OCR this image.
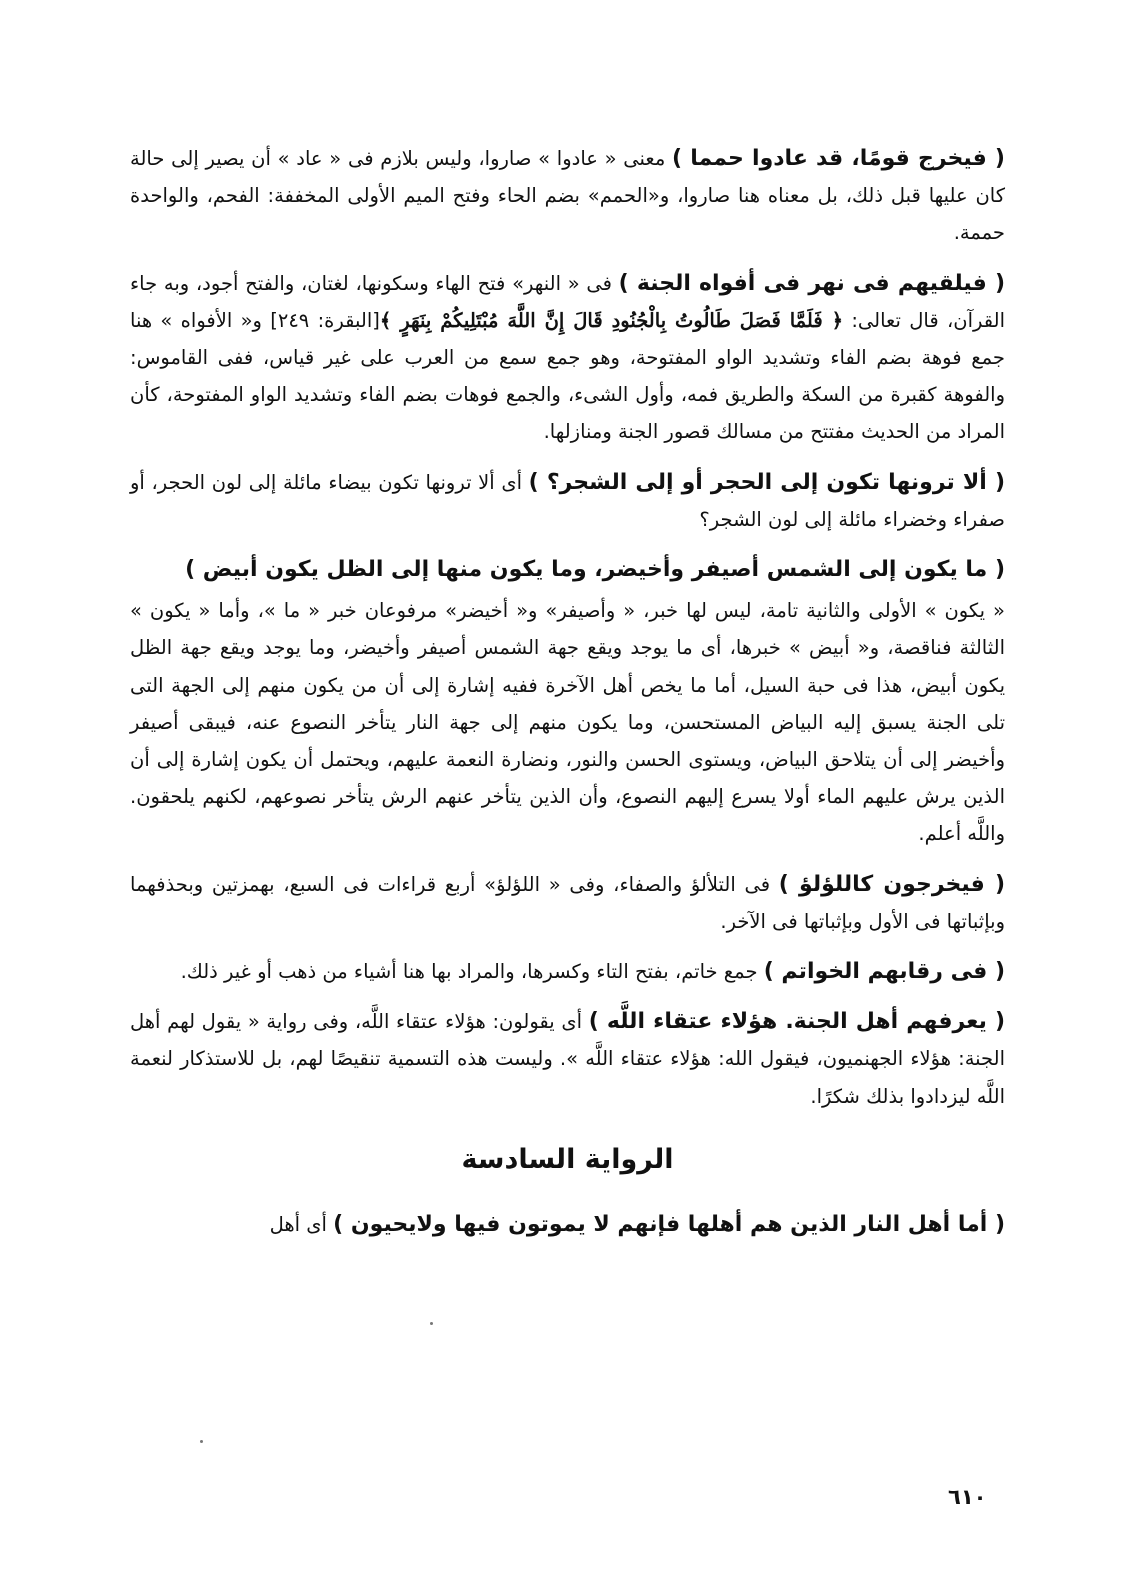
( فيخرج قومًا، قد عادوا حمما ) معنى « عادوا » صاروا، وليس بلازم فى « عاد » أن يصير إلى حالة كان عليها قبل ذلك، بل معناه هنا صاروا، و«الحمم» بضم الحاء وفتح الميم الأولى المخففة: الفحم، والواحدة حممة.

( فيلقيهم فى نهر فى أفواه الجنة ) فى « النهر» فتح الهاء وسكونها، لغتان، والفتح أجود، وبه جاء القرآن، قال تعالى: ﴿ فَلَمَّا فَصَلَ طَالُوتُ بِالْجُنُودِ قَالَ إِنَّ اللَّهَ مُبْتَلِيكُمْ بِنَهَرٍ ﴾[البقرة: ٢٤٩] و« الأفواه » هنا جمع فوهة بضم الفاء وتشديد الواو المفتوحة، وهو جمع سمع من العرب على غير قياس، ففى القاموس: والفوهة كقبرة من السكة والطريق فمه، وأول الشىء، والجمع فوهات بضم الفاء وتشديد الواو المفتوحة، كأن المراد من الحديث مفتتح من مسالك قصور الجنة ومنازلها.

( ألا ترونها تكون إلى الحجر أو إلى الشجر؟ ) أى ألا ترونها تكون بيضاء مائلة إلى لون الحجر، أو صفراء وخضراء مائلة إلى لون الشجر؟

( ما يكون إلى الشمس أصيفر وأخيضر، وما يكون منها إلى الظل يكون أبيض )

« يكون » الأولى والثانية تامة، ليس لها خبر، « وأصيفر» و« أخيضر» مرفوعان خبر « ما »، وأما « يكون » الثالثة فناقصة، و« أبيض » خبرها، أى ما يوجد ويقع جهة الشمس أصيفر وأخيضر، وما يوجد ويقع جهة الظل يكون أبيض، هذا فى حبة السيل، أما ما يخص أهل الآخرة ففيه إشارة إلى أن من يكون منهم إلى الجهة التى تلى الجنة يسبق إليه البياض المستحسن، وما يكون منهم إلى جهة النار يتأخر النصوع عنه، فيبقى أصيفر وأخيضر إلى أن يتلاحق البياض، ويستوى الحسن والنور، ونضارة النعمة عليهم، ويحتمل أن يكون إشارة إلى أن الذين يرش عليهم الماء أولا يسرع إليهم النصوع، وأن الذين يتأخر عنهم الرش يتأخر نصوعهم، لكنهم يلحقون. واللَّه أعلم.

( فيخرجون كاللؤلؤ ) فى التلألؤ والصفاء، وفى « اللؤلؤ» أربع قراءات فى السبع، بهمزتين وبحذفهما وبإثباتها فى الأول وبإثباتها فى الآخر.

( فى رقابهم الخواتم ) جمع خاتم، بفتح التاء وكسرها، والمراد بها هنا أشياء من ذهب أو غير ذلك.

( يعرفهم أهل الجنة. هؤلاء عتقاء اللَّه ) أى يقولون: هؤلاء عتقاء اللَّه، وفى رواية « يقول لهم أهل الجنة: هؤلاء الجهنميون، فيقول الله: هؤلاء عتقاء اللَّه ». وليست هذه التسمية تنقيصًا لهم، بل للاستذكار لنعمة اللَّه ليزدادوا بذلك شكرًا.

الرواية السادسة

( أما أهل النار الذين هم أهلها فإنهم لا يموتون فيها ولايحيون ) أى أهل

٦١٠
